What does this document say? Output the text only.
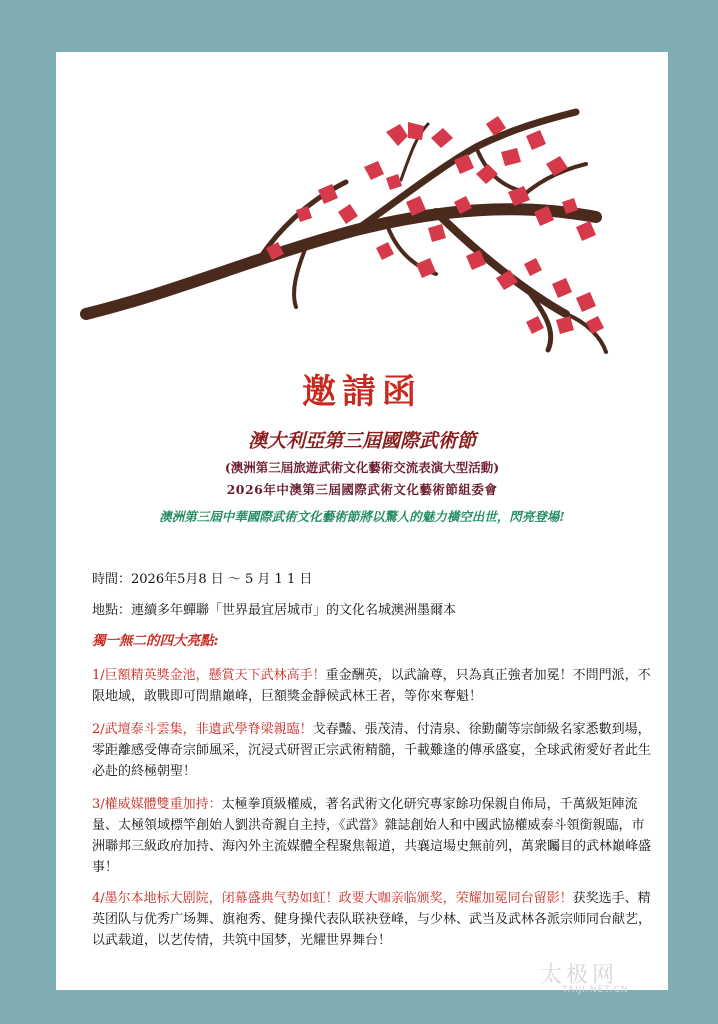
邀請函
澳大利亞第三屆國際武術節
(澳洲第三屆旅遊武術文化藝術交流表演大型活動)
2026年中澳第三屆國際武術文化藝術節組委會
澳洲第三屆中華國際武術文化藝術節將以驚人的魅力橫空出世，閃亮登場!
時間：2026年5月8 日 ～ 5 月 1 1 日
地點：連續多年蟬聯「世界最宜居城市」的文化名城澳洲墨爾本
獨一無二的四大亮點:
1/巨額精英獎金池，懸賞天下武林高手！重金酬英，以武論尊，只為真正強者加冕！不問門派，不限地域，敢戰即可問鼎巔峰，巨額獎金靜候武林王者，等你來奪魁！
2/武壇泰斗雲集，非遺武學脊梁親臨！戈春豔、張茂清、付清泉、徐勤蘭等宗師級名家悉數到場，零距離感受傳奇宗師風采，沉浸式研習正宗武術精髓，千載難逢的傳承盛宴，全球武術愛好者此生必赴的終極朝聖！
3/權威媒體雙重加持：太極拳頂級權威，著名武術文化研究專家餘功保親自佈局，千萬級矩陣流量、太極領域標竿創始人劉洪奇親自主持，《武當》雜誌創始人和中國武協權威泰斗領銜親臨，市洲聯邦三級政府加持、海內外主流媒體全程聚焦報道，共襄這場史無前列，萬衆矚目的武林巔峰盛事！
4/墨尔本地标大剧院，闭幕盛典气势如虹！政要大咖亲临颁奖，荣耀加冕同台留影！获奖选手、精英团队与优秀广场舞、旗袍秀、健身操代表队联袂登峰，与少林、武当及武林各派宗师同台献艺，以武载道，以艺传情，共筑中国梦，光耀世界舞台！
太极网
TAIJI.NET.CN
